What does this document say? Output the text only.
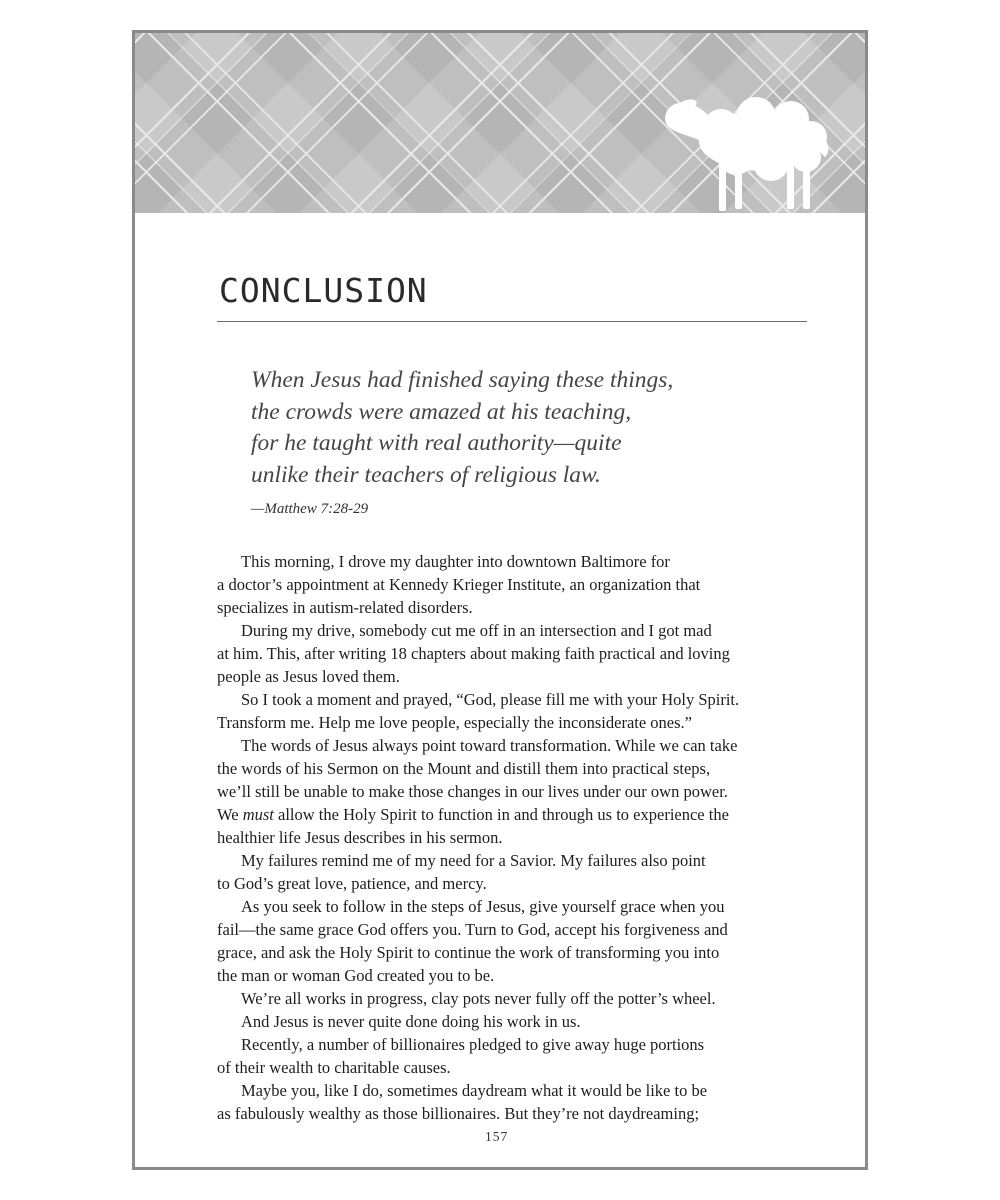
CONCLUSION
When Jesus had finished saying these things,
the crowds were amazed at his teaching,
for he taught with real authority—quite
unlike their teachers of religious law.

—Matthew 7:28-29

This morning, I drove my daughter into downtown Baltimore for
a doctor’s appointment at Kennedy Krieger Institute, an organization that
specializes in autism-related disorders.
During my drive, somebody cut me off in an intersection and I got mad
at him. This, after writing 18 chapters about making faith practical and loving
people as Jesus loved them.
So I took a moment and prayed, “God, please fill me with your Holy Spirit.
Transform me. Help me love people, especially the inconsiderate ones.”
The words of Jesus always point toward transformation. While we can take
the words of his Sermon on the Mount and distill them into practical steps,
we’ll still be unable to make those changes in our lives under our own power.
We must allow the Holy Spirit to function in and through us to experience the
healthier life Jesus describes in his sermon.
My failures remind me of my need for a Savior. My failures also point
to God’s great love, patience, and mercy.
As you seek to follow in the steps of Jesus, give yourself grace when you
fail—the same grace God offers you. Turn to God, accept his forgiveness and
grace, and ask the Holy Spirit to continue the work of transforming you into
the man or woman God created you to be.
We’re all works in progress, clay pots never fully off the potter’s wheel.
And Jesus is never quite done doing his work in us.
Recently, a number of billionaires pledged to give away huge portions
of their wealth to charitable causes.
Maybe you, like I do, sometimes daydream what it would be like to be
as fabulously wealthy as those billionaires. But they’re not daydreaming;
157
